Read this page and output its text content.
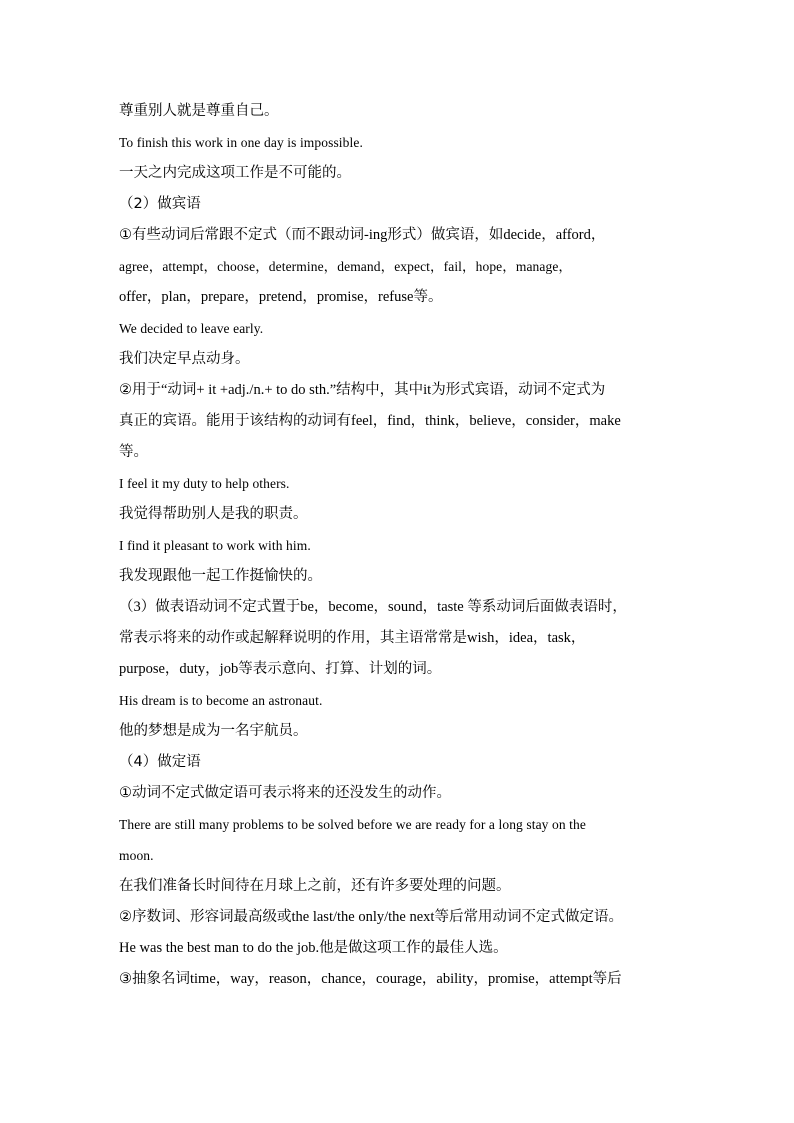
尊重别人就是尊重自己。
To finish this work in one day is impossible.
一天之内完成这项工作是不可能的。
（2）做宾语
①有些动词后常跟不定式（而不跟动词-ing形式）做宾语，如decide，afford，
agree，attempt，choose，determine，demand，expect，fail，hope，manage，
offer，plan，prepare，pretend，promise，refuse等。
We decided to leave early.
我们决定早点动身。
②用于“动词+ it +adj./n.+ to do sth.”结构中，其中it为形式宾语，动词不定式为
真正的宾语。能用于该结构的动词有feel，find，think，believe，consider，make
等。
I feel it my duty to help others.
我觉得帮助别人是我的职责。
I find it pleasant to work with him.
我发现跟他一起工作挺愉快的。
（3）做表语动词不定式置于be，become，sound，taste 等系动词后面做表语时，
常表示将来的动作或起解释说明的作用，其主语常常是wish，idea，task，
purpose，duty，job等表示意向、打算、计划的词。
His dream is to become an astronaut.
他的梦想是成为一名宇航员。
（4）做定语
①动词不定式做定语可表示将来的还没发生的动作。
There are still many problems to be solved before we are ready for a long stay on the
moon.
在我们准备长时间待在月球上之前，还有许多要处理的问题。
②序数词、形容词最高级或the last/the only/the next等后常用动词不定式做定语。
He was the best man to do the job.他是做这项工作的最佳人选。
③抽象名词time，way，reason，chance，courage，ability，promise，attempt等后
